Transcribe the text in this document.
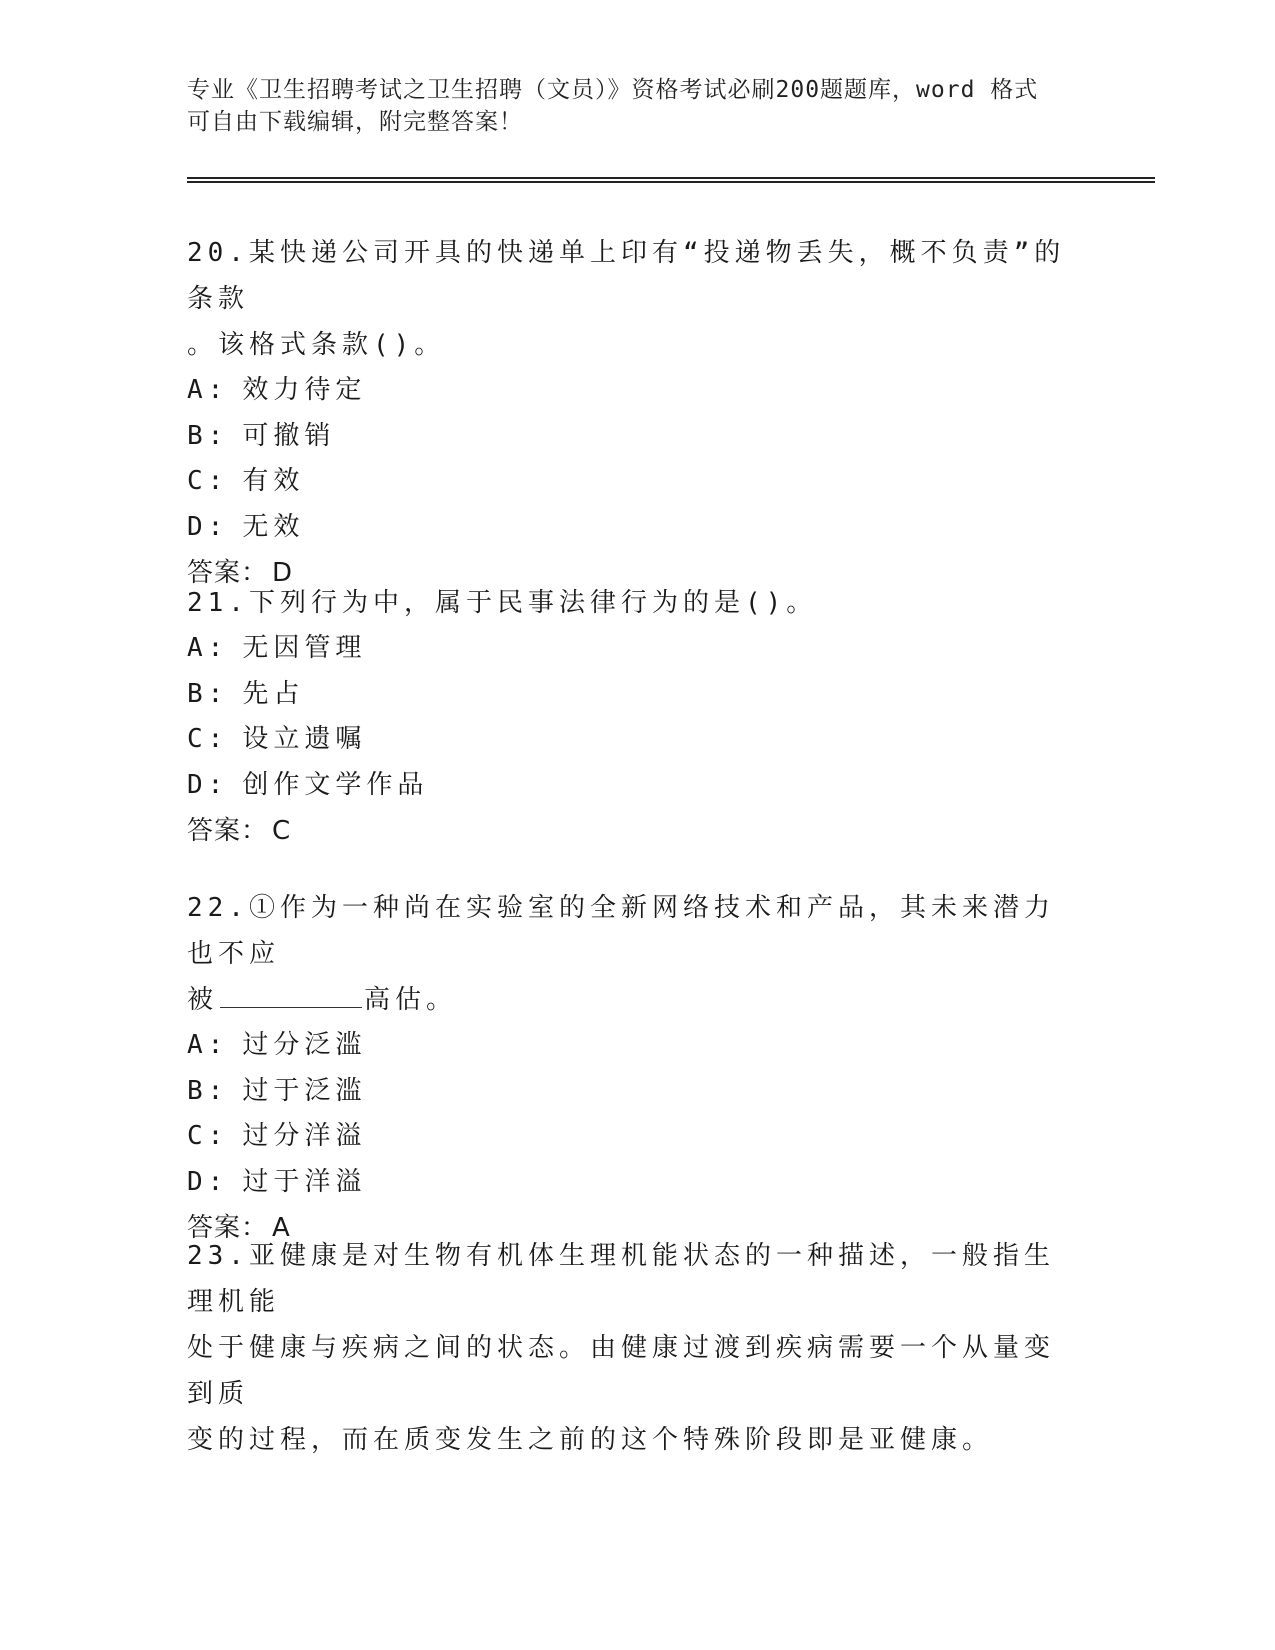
专业《卫生招聘考试之卫生招聘（文员）》资格考试必刷200题题库，word 格式
可自由下载编辑，附完整答案！
20.某快递公司开具的快递单上印有“投递物丢失，概不负责”的条款
。该格式条款()。
A: 效力待定
B: 可撤销
C: 有效
D: 无效
答案： D
21.下列行为中，属于民事法律行为的是()。
A: 无因管理
B: 先占
C: 设立遗嘱
D: 创作文学作品
答案： C
22.①作为一种尚在实验室的全新网络技术和产品，其未来潜力也不应
被	高估。
A: 过分泛滥
B: 过于泛滥
C: 过分洋溢
D: 过于洋溢
答案： A
23.亚健康是对生物有机体生理机能状态的一种描述，一般指生理机能
处于健康与疾病之间的状态。由健康过渡到疾病需要一个从量变到质
变的过程，而在质变发生之前的这个特殊阶段即是亚健康。
